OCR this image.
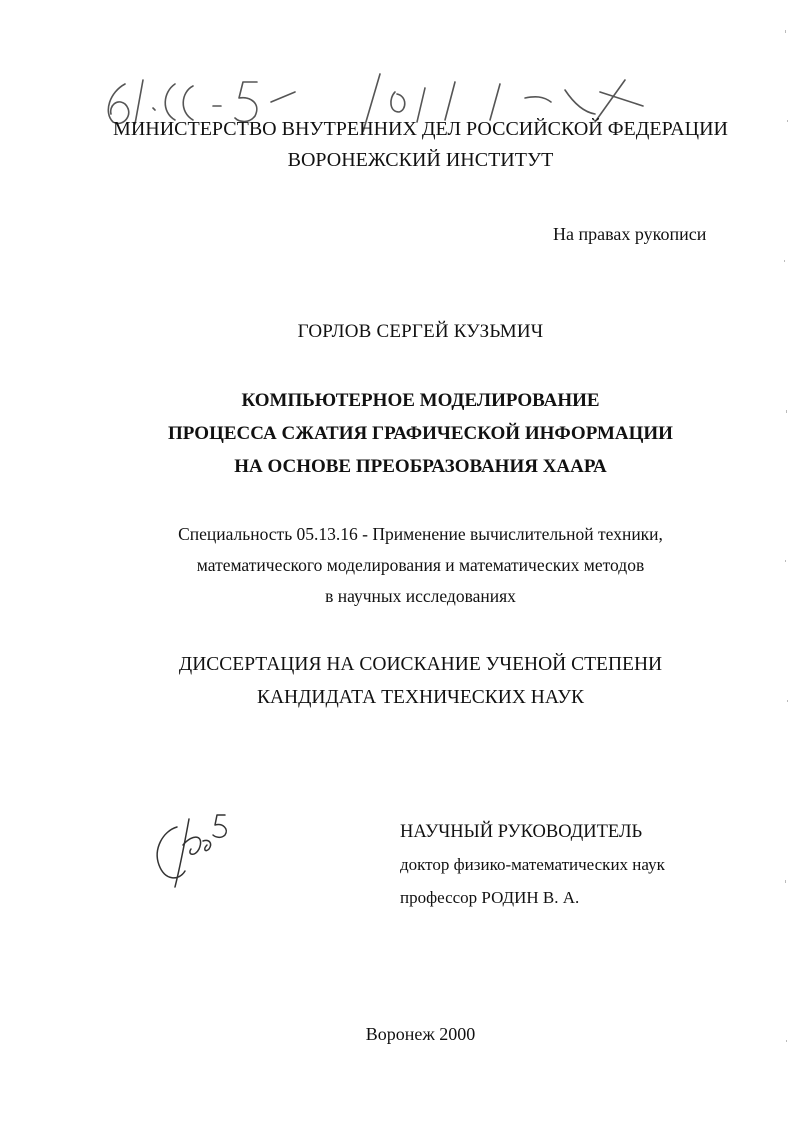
МИНИСТЕРСТВО ВНУТРЕННИХ ДЕЛ РОССИЙСКОЙ ФЕДЕРАЦИИ
ВОРОНЕЖСКИЙ ИНСТИТУТ
На правах рукописи
ГОРЛОВ СЕРГЕЙ КУЗЬМИЧ
КОМПЬЮТЕРНОЕ МОДЕЛИРОВАНИЕ
ПРОЦЕССА СЖАТИЯ ГРАФИЧЕСКОЙ ИНФОРМАЦИИ
НА ОСНОВЕ ПРЕОБРАЗОВАНИЯ ХААРА
Специальность 05.13.16 - Применение вычислительной техники,
математического моделирования и математических методов
в научных исследованиях
ДИССЕРТАЦИЯ НА СОИСКАНИЕ УЧЕНОЙ СТЕПЕНИ
КАНДИДАТА ТЕХНИЧЕСКИХ НАУК
НАУЧНЫЙ РУКОВОДИТЕЛЬ
доктор физико-математических наук
профессор РОДИН В. А.
Воронеж 2000
